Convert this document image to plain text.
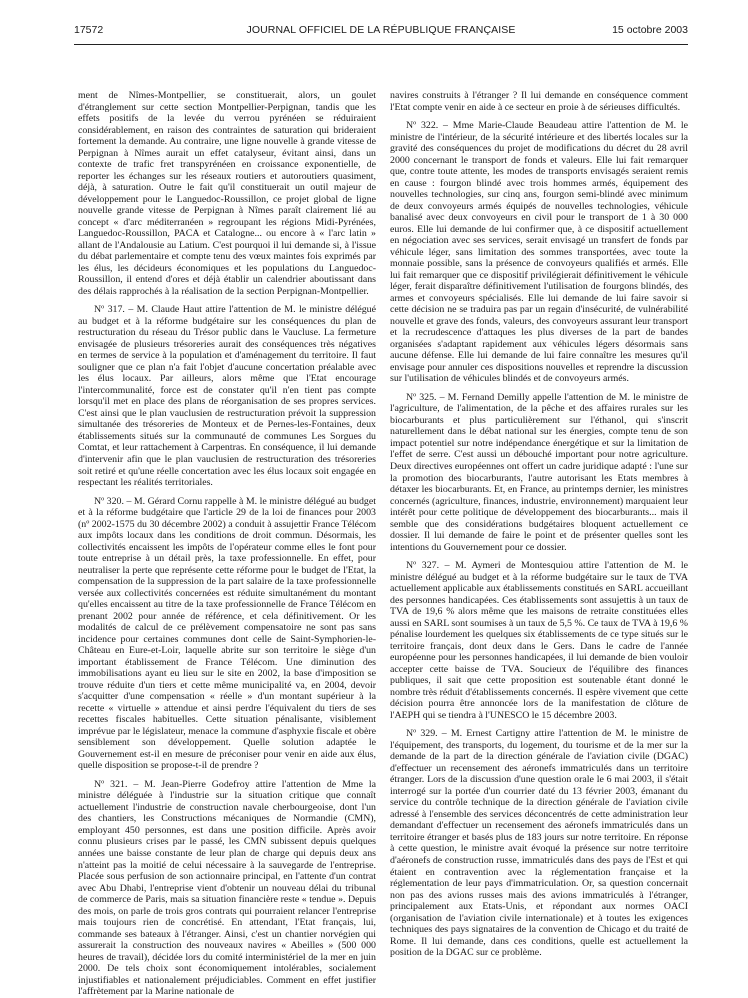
17572	JOURNAL OFFICIEL DE LA RÉPUBLIQUE FRANÇAISE	15 octobre 2003

ment de Nîmes-Montpellier, se constituerait, alors, un goulet d'étranglement sur cette section Montpellier-Perpignan, tandis que les effets positifs de la levée du verrou pyrénéen se réduiraient considérablement, en raison des contraintes de saturation qui brideraient fortement la demande. Au contraire, une ligne nouvelle à grande vitesse de Perpignan à Nîmes aurait un effet catalyseur, évitant ainsi, dans un contexte de trafic fret transpyrénéen en croissance exponentielle, de reporter les échanges sur les réseaux routiers et autoroutiers quasiment, déjà, à saturation. Outre le fait qu'il constituerait un outil majeur de développement pour le Languedoc-Roussillon, ce projet global de ligne nouvelle grande vitesse de Perpignan à Nîmes paraît clairement lié au concept « d'arc méditerranéen » regroupant les régions Midi-Pyrénées, Languedoc-Roussillon, PACA et Catalogne... ou encore à « l'arc latin » allant de l'Andalousie au Latium. C'est pourquoi il lui demande si, à l'issue du débat parlementaire et compte tenu des vœux maintes fois exprimés par les élus, les décideurs économiques et les populations du Languedoc-Roussillon, il entend d'ores et déjà établir un calendrier aboutissant dans des délais rapprochés à la réalisation de la section Perpignan-Montpellier.

Nº 317. – M. Claude Haut attire l'attention de M. le ministre délégué au budget et à la réforme budgétaire sur les conséquences du plan de restructuration du réseau du Trésor public dans le Vaucluse. La fermeture envisagée de plusieurs trésoreries aurait des conséquences très négatives en termes de service à la population et d'aménagement du territoire. Il faut souligner que ce plan n'a fait l'objet d'aucune concertation préalable avec les élus locaux. Par ailleurs, alors même que l'Etat encourage l'intercommunalité, force est de constater qu'il n'en tient pas compte lorsqu'il met en place des plans de réorganisation de ses propres services. C'est ainsi que le plan vauclusien de restructuration prévoit la suppression simultanée des trésoreries de Monteux et de Pernes-les-Fontaines, deux établissements situés sur la communauté de communes Les Sorgues du Comtat, et leur rattachement à Carpentras. En conséquence, il lui demande d'intervenir afin que le plan vauclusien de restructuration des trésoreries soit retiré et qu'une réelle concertation avec les élus locaux soit engagée en respectant les réalités territoriales.

Nº 320. – M. Gérard Cornu rappelle à M. le ministre délégué au budget et à la réforme budgétaire que l'article 29 de la loi de finances pour 2003 (nº 2002-1575 du 30 décembre 2002) a conduit à assujettir France Télécom aux impôts locaux dans les conditions de droit commun. Désormais, les collectivités encaissent les impôts de l'opérateur comme elles le font pour toute entreprise à un détail près, la taxe professionnelle. En effet, pour neutraliser la perte que représente cette réforme pour le budget de l'Etat, la compensation de la suppression de la part salaire de la taxe professionnelle versée aux collectivités concernées est réduite simultanément du montant qu'elles encaissent au titre de la taxe professionnelle de France Télécom en prenant 2002 pour année de référence, et cela définitivement. Or les modalités de calcul de ce prélèvement compensatoire ne sont pas sans incidence pour certaines communes dont celle de Saint-Symphorien-le-Château en Eure-et-Loir, laquelle abrite sur son territoire le siège d'un important établissement de France Télécom. Une diminution des immobilisations ayant eu lieu sur le site en 2002, la base d'imposition se trouve réduite d'un tiers et cette même municipalité va, en 2004, devoir s'acquitter d'une compensation « réelle » d'un montant supérieur à la recette « virtuelle » attendue et ainsi perdre l'équivalent du tiers de ses recettes fiscales habituelles. Cette situation pénalisante, visiblement imprévue par le législateur, menace la commune d'asphyxie fiscale et obère sensiblement son développement. Quelle solution adaptée le Gouvernement est-il en mesure de préconiser pour venir en aide aux élus, quelle disposition se propose-t-il de prendre ?

Nº 321. – M. Jean-Pierre Godefroy attire l'attention de Mme la ministre déléguée à l'industrie sur la situation critique que connaît actuellement l'industrie de construction navale cherbourgeoise, dont l'un des chantiers, les Constructions mécaniques de Normandie (CMN), employant 450 personnes, est dans une position difficile. Après avoir connu plusieurs crises par le passé, les CMN subissent depuis quelques années une baisse constante de leur plan de charge qui depuis deux ans n'atteint pas la moitié de celui nécessaire à la sauvegarde de l'entreprise. Placée sous perfusion de son actionnaire principal, en l'attente d'un contrat avec Abu Dhabi, l'entreprise vient d'obtenir un nouveau délai du tribunal de commerce de Paris, mais sa situation financière reste « tendue ». Depuis des mois, on parle de trois gros contrats qui pourraient relancer l'entreprise mais toujours rien de concrétisé. En attendant, l'Etat français, lui, commande ses bateaux à l'étranger. Ainsi, c'est un chantier norvégien qui assurerait la construction des nouveaux navires « Abeilles » (500 000 heures de travail), décidée lors du comité interministériel de la mer en juin 2000. De tels choix sont économiquement intolérables, socialement injustifiables et nationalement préjudiciables. Comment en effet justifier l'affrètement par la Marine nationale de

navires construits à l'étranger ? Il lui demande en conséquence comment l'Etat compte venir en aide à ce secteur en proie à de sérieuses difficultés.

Nº 322. – Mme Marie-Claude Beaudeau attire l'attention de M. le ministre de l'intérieur, de la sécurité intérieure et des libertés locales sur la gravité des conséquences du projet de modifications du décret du 28 avril 2000 concernant le transport de fonds et valeurs. Elle lui fait remarquer que, contre toute attente, les modes de transports envisagés seraient remis en cause : fourgon blindé avec trois hommes armés, équipement des nouvelles technologies, sur cinq ans, fourgon semi-blindé avec minimum de deux convoyeurs armés équipés de nouvelles technologies, véhicule banalisé avec deux convoyeurs en civil pour le transport de 1 à 30 000 euros. Elle lui demande de lui confirmer que, à ce dispositif actuellement en négociation avec ses services, serait envisagé un transfert de fonds par véhicule léger, sans limitation des sommes transportées, avec toute la monnaie possible, sans la présence de convoyeurs qualifiés et armés. Elle lui fait remarquer que ce dispositif privilégierait définitivement le véhicule léger, ferait disparaître définitivement l'utilisation de fourgons blindés, des armes et convoyeurs spécialisés. Elle lui demande de lui faire savoir si cette décision ne se traduira pas par un regain d'insécurité, de vulnérabilité nouvelle et grave des fonds, valeurs, des convoyeurs assurant leur transport et la recrudescence d'attaques les plus diverses de la part de bandes organisées s'adaptant rapidement aux véhicules légers désormais sans aucune défense. Elle lui demande de lui faire connaître les mesures qu'il envisage pour annuler ces dispositions nouvelles et reprendre la discussion sur l'utilisation de véhicules blindés et de convoyeurs armés.

Nº 325. – M. Fernand Demilly appelle l'attention de M. le ministre de l'agriculture, de l'alimentation, de la pêche et des affaires rurales sur les biocarburants et plus particulièrement sur l'éthanol, qui s'inscrit naturellement dans le débat national sur les énergies, compte tenu de son impact potentiel sur notre indépendance énergétique et sur la limitation de l'effet de serre. C'est aussi un débouché important pour notre agriculture. Deux directives européennes ont offert un cadre juridique adapté : l'une sur la promotion des biocarburants, l'autre autorisant les Etats membres à détaxer les biocarburants. Et, en France, au printemps dernier, les ministres concernés (agriculture, finances, industrie, environnement) marquaient leur intérêt pour cette politique de développement des biocarburants... mais il semble que des considérations budgétaires bloquent actuellement ce dossier. Il lui demande de faire le point et de présenter quelles sont les intentions du Gouvernement pour ce dossier.

Nº 327. – M. Aymeri de Montesquiou attire l'attention de M. le ministre délégué au budget et à la réforme budgétaire sur le taux de TVA actuellement applicable aux établissements constitués en SARL accueillant des personnes handicapées. Ces établissements sont assujettis à un taux de TVA de 19,6 % alors même que les maisons de retraite constituées elles aussi en SARL sont soumises à un taux de 5,5 %. Ce taux de TVA à 19,6 % pénalise lourdement les quelques six établissements de ce type situés sur le territoire français, dont deux dans le Gers. Dans le cadre de l'année européenne pour les personnes handicapées, il lui demande de bien vouloir accepter cette baisse de TVA. Soucieux de l'équilibre des finances publiques, il sait que cette proposition est soutenable étant donné le nombre très réduit d'établissements concernés. Il espère vivement que cette décision pourra être annoncée lors de la manifestation de clôture de l'AEPH qui se tiendra à l'UNESCO le 15 décembre 2003.

Nº 329. – M. Ernest Cartigny attire l'attention de M. le ministre de l'équipement, des transports, du logement, du tourisme et de la mer sur la demande de la part de la direction générale de l'aviation civile (DGAC) d'effectuer un recensement des aéronefs immatriculés dans un territoire étranger. Lors de la discussion d'une question orale le 6 mai 2003, il s'était interrogé sur la portée d'un courrier daté du 13 février 2003, émanant du service du contrôle technique de la direction générale de l'aviation civile adressé à l'ensemble des services déconcentrés de cette administration leur demandant d'effectuer un recensement des aéronefs immatriculés dans un territoire étranger et basés plus de 183 jours sur notre territoire. En réponse à cette question, le ministre avait évoqué la présence sur notre territoire d'aéronefs de construction russe, immatriculés dans des pays de l'Est et qui étaient en contravention avec la réglementation française et la réglementation de leur pays d'immatriculation. Or, sa question concernait non pas des avions russes mais des avions immatriculés à l'étranger, principalement aux Etats-Unis, et répondant aux normes OACI (organisation de l'aviation civile internationale) et à toutes les exigences techniques des pays signataires de la convention de Chicago et du traité de Rome. Il lui demande, dans ces conditions, quelle est actuellement la position de la DGAC sur ce problème.
